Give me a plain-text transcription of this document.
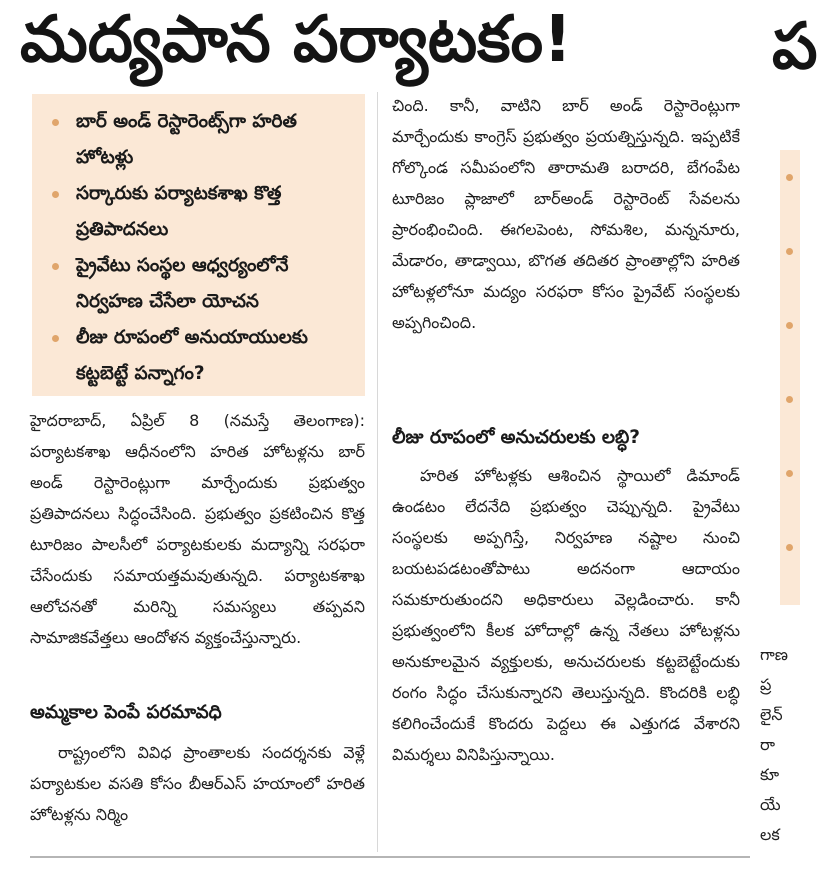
మద్యపాన పర్యాటకం!	ప
బార్ అండ్ రెస్టారెంట్స్‌గా హరిత హోటళ్లు
సర్కారుకు పర్యాటకశాఖ కొత్త ప్రతిపాదనలు
ప్రైవేటు సంస్థల ఆధ్వర్యంలోనే నిర్వహణ చేసేలా యోచన
లీజు రూపంలో అనుయాయులకు కట్టబెట్టే పన్నాగం?

హైదరాబాద్, ఏప్రిల్ 8 (నమస్తే తెలంగాణ): పర్యాటకశాఖ ఆధీనంలోని హరిత హోటళ్లను బార్ అండ్ రెస్టారెంట్లుగా మార్చేందుకు ప్రభుత్వం ప్రతిపాదనలు సిద్ధంచేసింది. ప్రభుత్వం ప్రకటించిన కొత్త టూరిజం పాలసీలో పర్యాటకులకు మద్యాన్ని సరఫరా చేసేందుకు సమాయత్తమవుతున్నది. పర్యాటకశాఖ ఆలోచనతో మరిన్ని సమస్యలు తప్పవని సామాజికవేత్తలు ఆందోళన వ్యక్తంచేస్తున్నారు.

అమ్మకాల పెంపే పరమావధి

రాష్ట్రంలోని వివిధ ప్రాంతాలకు సందర్శనకు వెళ్లే పర్యాటకుల వసతి కోసం బీఆర్‌ఎస్ హయాంలో హరిత హోటళ్లను నిర్మిం

చింది. కానీ, వాటిని బార్ అండ్ రెస్టారెంట్లుగా మార్చేందుకు కాంగ్రెస్ ప్రభుత్వం ప్రయత్నిస్తున్నది. ఇప్పటికే గోల్కొండ సమీపంలోని తారామతి బరాదరి, బేగంపేట టూరిజం ప్లాజాలో బార్‌అండ్ రెస్టారెంట్ సేవలను ప్రారంభించింది. ఈగలపెంట, సోమశిల, మన్ననూరు, మేడారం, తాడ్వాయి, బొగత తదితర ప్రాంతాల్లోని హరిత హోటళ్లలోనూ మద్యం సరఫరా కోసం ప్రైవేట్ సంస్థలకు అప్పగించింది.

లీజు రూపంలో అనుచరులకు లబ్ధి?

హరిత హోటళ్లకు ఆశించిన స్థాయిలో డిమాండ్ ఉండటం లేదనేది ప్రభుత్వం చెప్పున్నది. ప్రైవేటు సంస్థలకు అప్పగిస్తే, నిర్వహణ నష్టాల నుంచి బయటపడటంతోపాటు అదనంగా ఆదాయం సమకూరుతుందని అధికారులు వెల్లడించారు. కానీ ప్రభుత్వంలోని కీలక హోదాల్లో ఉన్న నేతలు హోటళ్లను అనుకూలమైన వ్యక్తులకు, అనుచరులకు కట్టబెట్టేందుకు రంగం సిద్ధం చేసుకున్నారని తెలుస్తున్నది. కొందరికి లబ్ధి కలిగించేందుకే కొందరు పెద్దలు ఈ ఎత్తుగడ వేశారని విమర్శలు వినిపిస్తున్నాయి.

గాణ
ప్ర
లైన్
రా
కూ
యే
లక
